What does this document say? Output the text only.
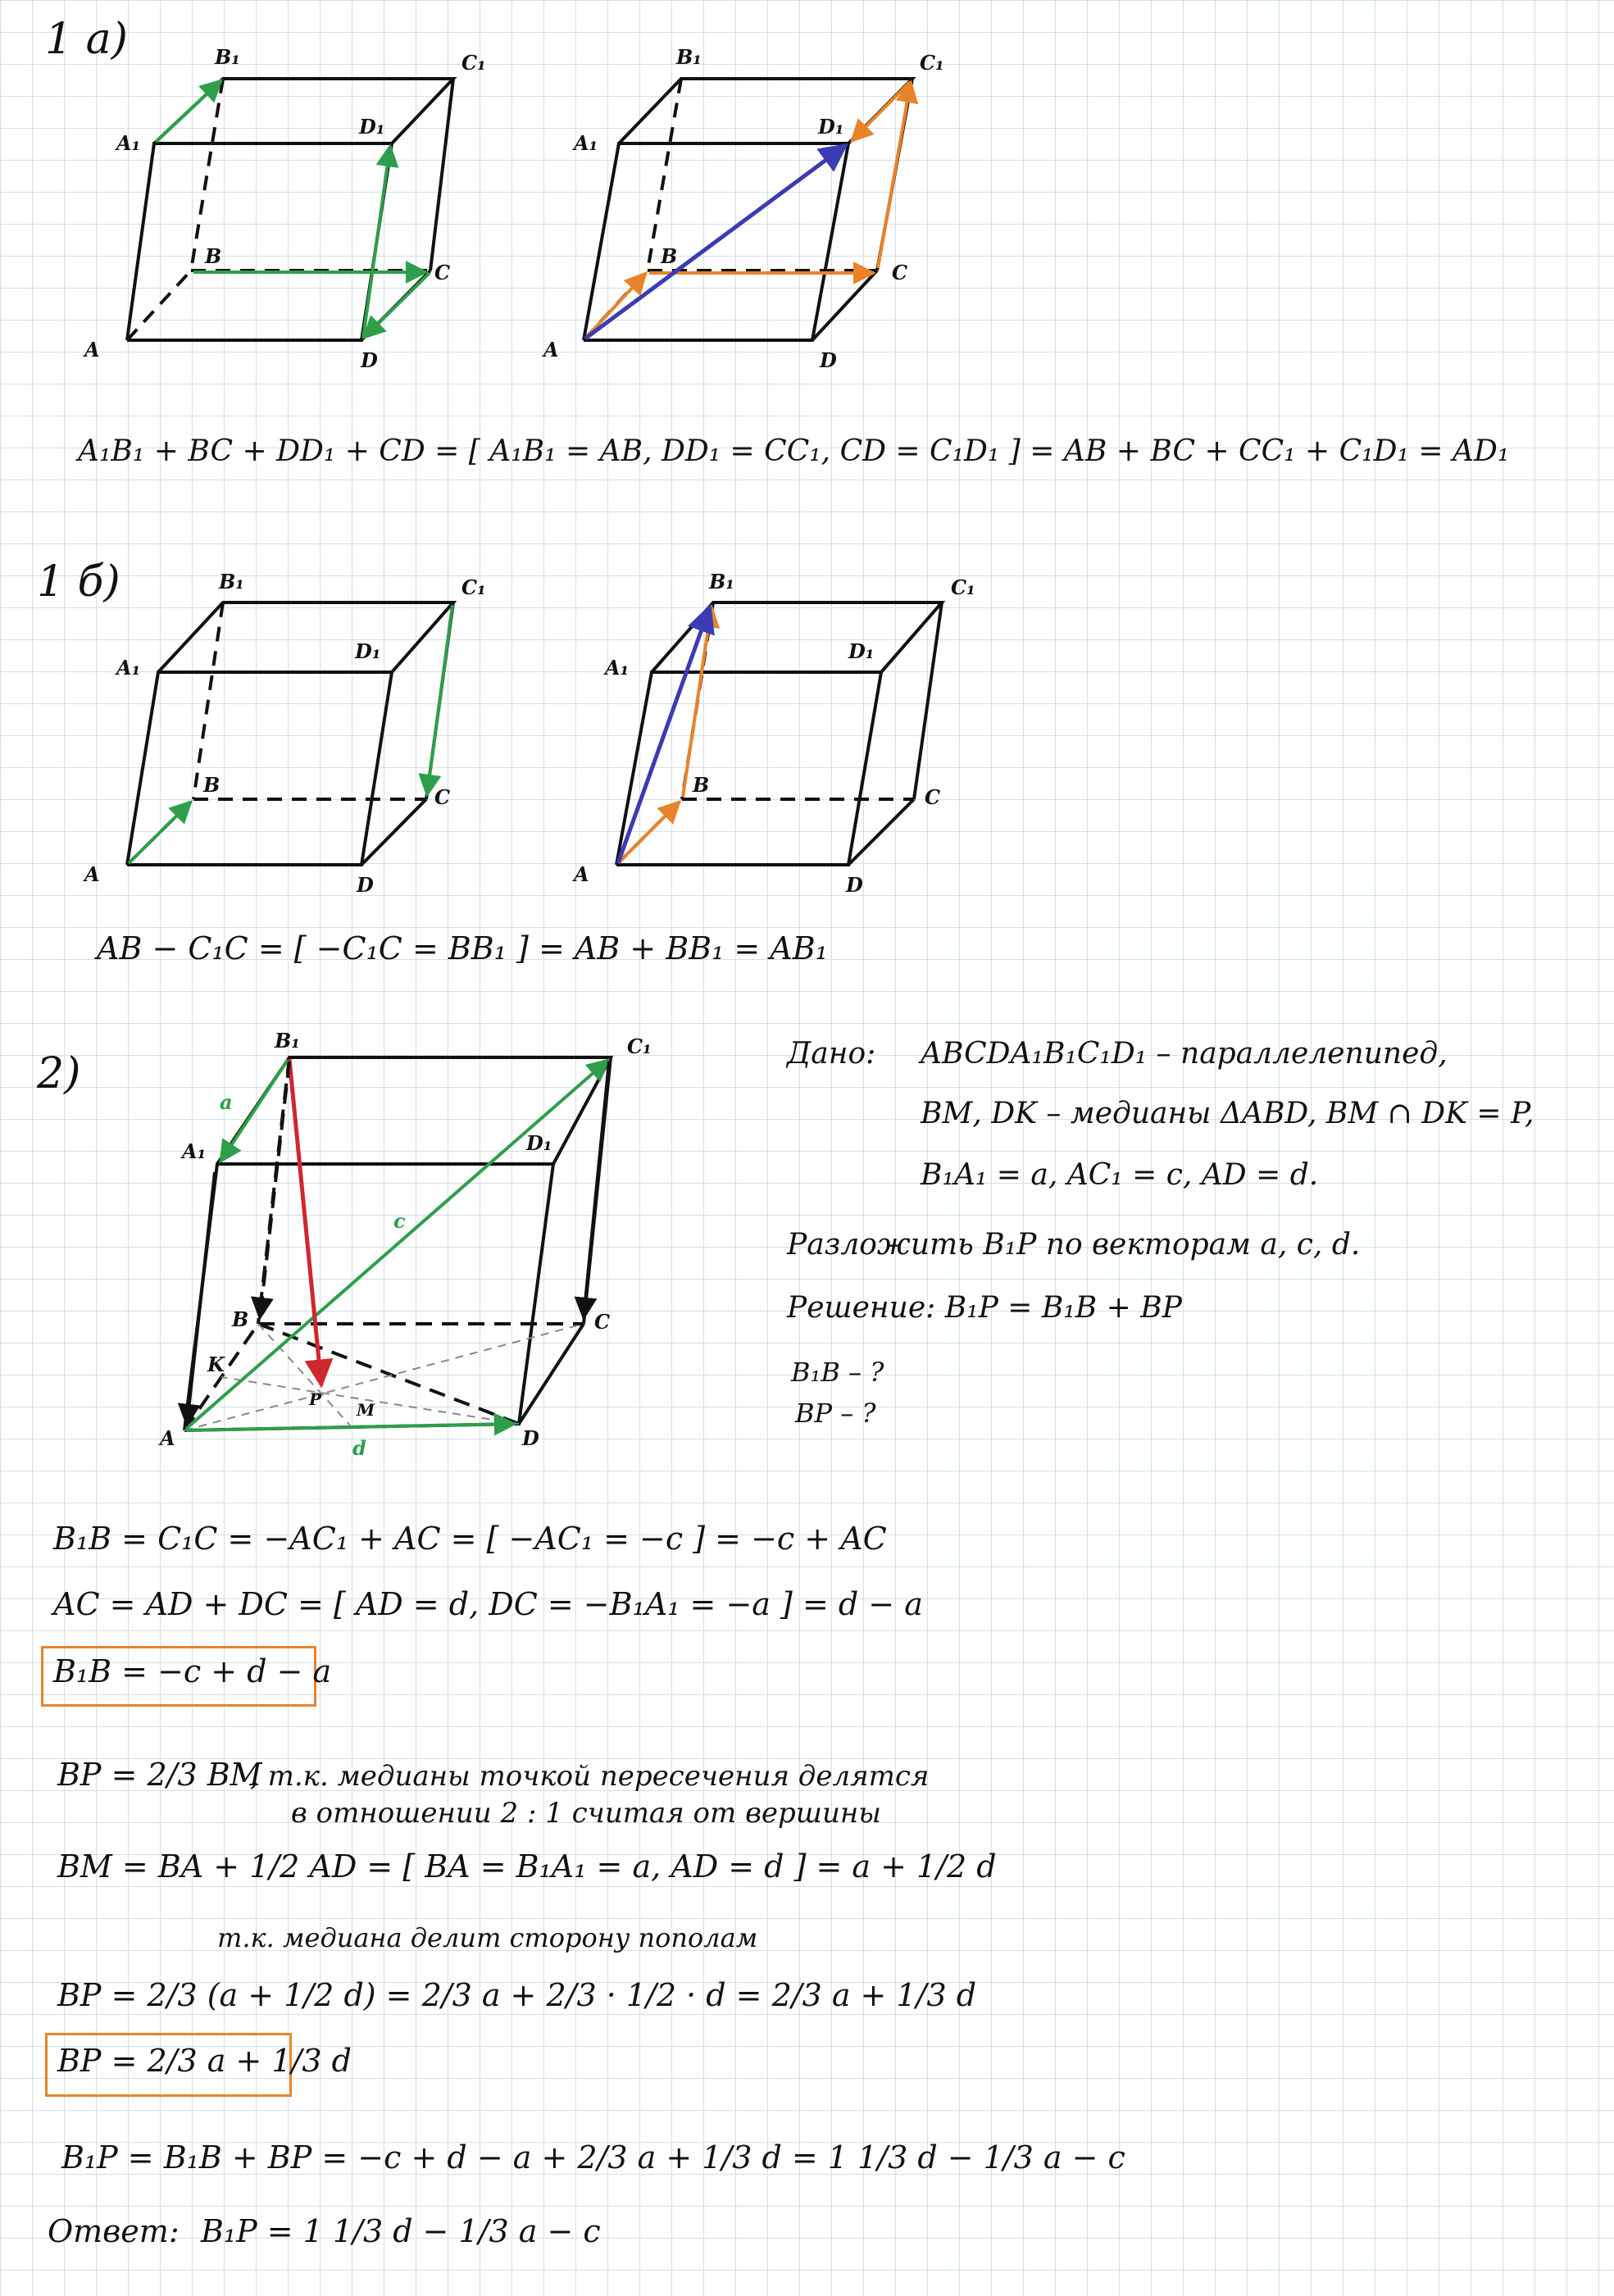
1 а)
1 б)
2)
B₁	C₁
A₁
D₁
B
C
A	D
B₁	C₁
A₁
D₁
B
C
A	D
B₁	C₁
A₁
D₁
B
C
A	D
B₁	C₁
A₁
D₁
B
C
A	D
B₁	C₁
A₁	D₁
B	C
K
P
M
A	D
a
c
d
A₁B₁ + BC + DD₁ + CD = [ A₁B₁ = AB, DD₁ = CC₁, CD = C₁D₁ ] = AB + BC + CC₁ + C₁D₁ = AD₁
AB − C₁C = [ −C₁C = BB₁ ] = AB + BB₁ = AB₁
Дано: ABCDA₁B₁C₁D₁ – параллелепипед,
BM, DK – медианы ΔABD, BM ∩ DK = P,
B₁A₁ = a, AC₁ = c, AD = d.
Разложить B₁P по векторам a, c, d.
Решение: B₁P = B₁B + BP
B₁B – ?
BP – ?
B₁B = C₁C = −AC₁ + AC = [ −AC₁ = −c ] = −c + AC
AC = AD + DC = [ AD = d, DC = −B₁A₁ = −a ] = d − a
B₁B = −c + d − a
BP = 2/3 BM
, т.к. медианы точкой пересечения делятся
в отношении 2 : 1 считая от вершины
BM = BA + 1/2 AD = [ BA = B₁A₁ = a, AD = d ] = a + 1/2 d
т.к. медиана делит сторону пополам
BP = 2/3 (a + 1/2 d) = 2/3 a + 2/3 · 1/2 · d = 2/3 a + 1/3 d
BP = 2/3 a + 1/3 d
B₁P = B₁B + BP = −c + d − a + 2/3 a + 1/3 d = 1 1/3 d − 1/3 a − c
Ответ: B₁P = 1 1/3 d − 1/3 a − c
